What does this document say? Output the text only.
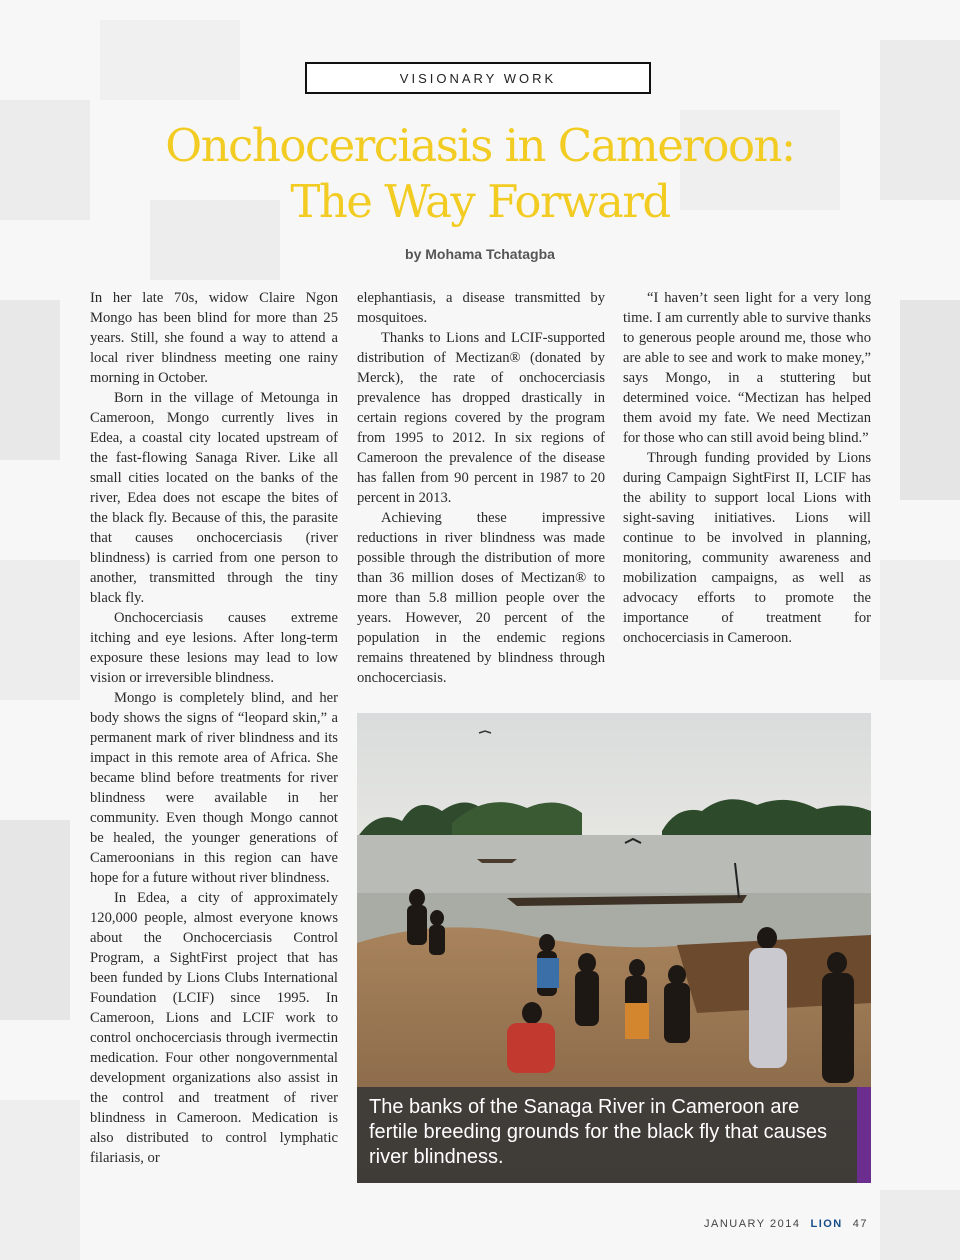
VISIONARY WORK
Onchocerciasis in Cameroon:
The Way Forward
by Mohama Tchatagba

In her late 70s, widow Claire Ngon Mongo has been blind for more than 25 years. Still, she found a way to attend a local river blindness meeting one rainy morning in October.

Born in the village of Metounga in Cameroon, Mongo currently lives in Edea, a coastal city located upstream of the fast-flowing Sanaga River. Like all small cities located on the banks of the river, Edea does not escape the bites of the black fly. Because of this, the parasite that causes onchocerciasis (river blindness) is carried from one person to another, transmitted through the tiny black fly.

Onchocerciasis causes extreme itching and eye lesions. After long-term exposure these lesions may lead to low vision or irreversible blindness.

Mongo is completely blind, and her body shows the signs of “leopard skin,” a permanent mark of river blindness and its impact in this remote area of Africa. She became blind before treatments for river blindness were available in her community. Even though Mongo cannot be healed, the younger generations of Cameroonians in this region can have hope for a future without river blindness.

In Edea, a city of approximately 120,000 people, almost everyone knows about the Onchocerciasis Control Program, a SightFirst project that has been funded by Lions Clubs International Foundation (LCIF) since 1995. In Cameroon, Lions and LCIF work to control onchocerciasis through ivermectin medication. Four other nongovernmental development organizations also assist in the control and treatment of river blindness in Cameroon. Medication is also distributed to control lymphatic filariasis, or

elephantiasis, a disease transmitted by mosquitoes.

Thanks to Lions and LCIF-supported distribution of Mectizan® (donated by Merck), the rate of onchocerciasis prevalence has dropped drastically in certain regions covered by the program from 1995 to 2012. In six regions of Cameroon the prevalence of the disease has fallen from 90 percent in 1987 to 20 percent in 2013.

Achieving these impressive reductions in river blindness was made possible through the distribution of more than 36 million doses of Mectizan® to more than 5.8 million people over the years. However, 20 percent of the population in the endemic regions remains threatened by blindness through onchocerciasis.

“I haven’t seen light for a very long time. I am currently able to survive thanks to generous people around me, those who are able to see and work to make money,” says Mongo, in a stuttering but determined voice. “Mectizan has helped them avoid my fate. We need Mectizan for those who can still avoid being blind.”

Through funding provided by Lions during Campaign SightFirst II, LCIF has the ability to support local Lions with sight-saving initiatives. Lions will continue to be involved in planning, monitoring, community awareness and mobilization campaigns, as well as advocacy efforts to promote the importance of treatment for onchocerciasis in Cameroon.

The banks of the Sanaga River in Cameroon are fertile breeding grounds for the black fly that causes river blindness.
JANUARY 2014 LION 47
